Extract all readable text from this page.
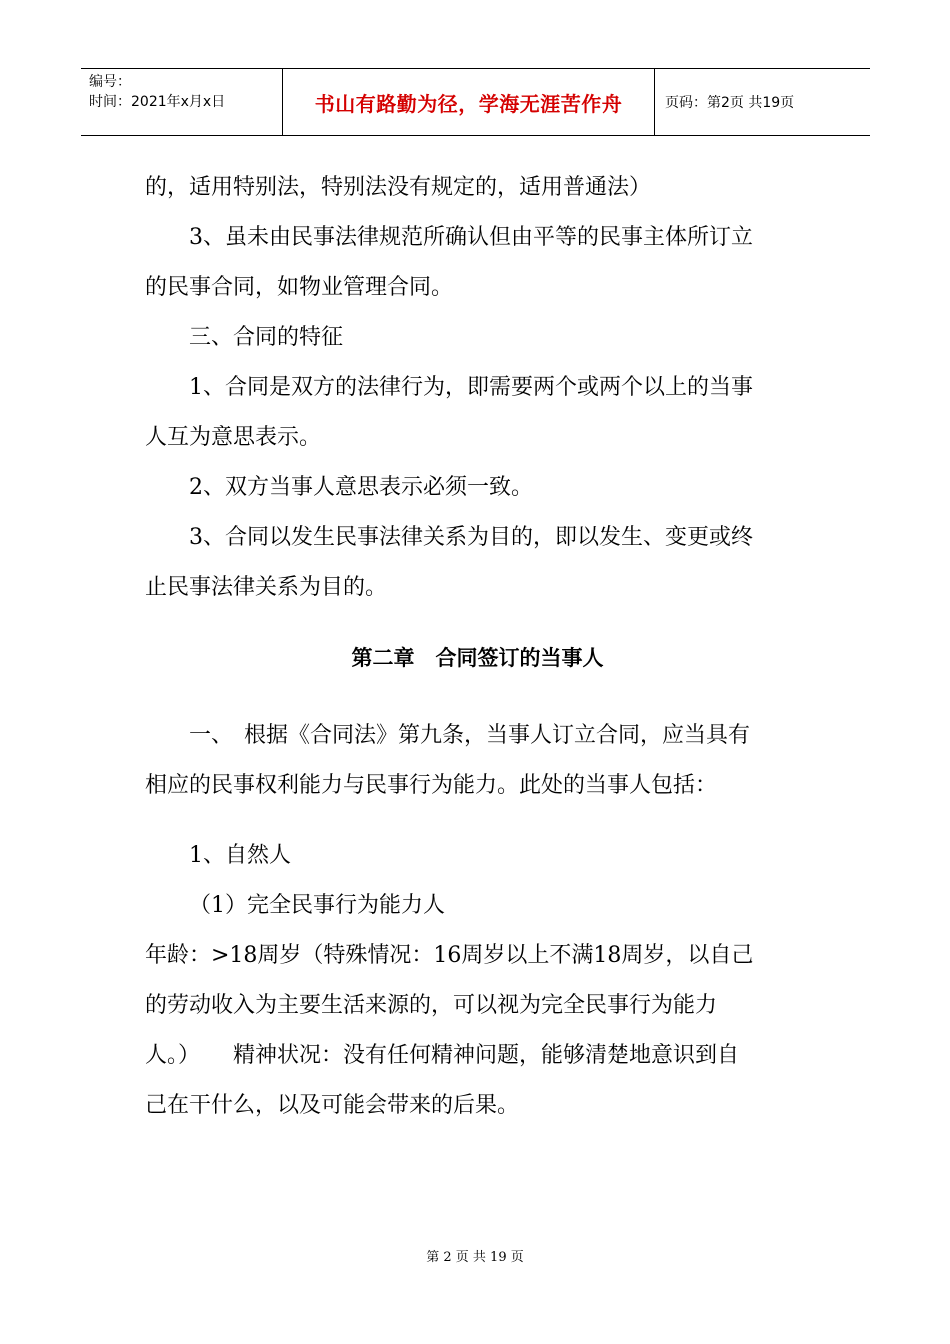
编号：
时间：2021年x月x日	书山有路勤为径，学海无涯苦作舟	页码：第2页 共19页
的，适用特别法，特别法没有规定的，适用普通法）
3、虽未由民事法律规范所确认但由平等的民事主体所订立
的民事合同，如物业管理合同。
三、合同的特征
1、合同是双方的法律行为，即需要两个或两个以上的当事
人互为意思表示。
2、双方当事人意思表示必须一致。
3、合同以发生民事法律关系为目的，即以发生、变更或终
止民事法律关系为目的。
第二章　合同签订的当事人
一、　根据《合同法》第九条，当事人订立合同，应当具有
相应的民事权利能力与民事行为能力。此处的当事人包括：
1、自然人
（1）完全民事行为能力人
年龄：>18周岁（特殊情况：16周岁以上不满18周岁，以自己
的劳动收入为主要生活来源的，可以视为完全民事行为能力
人。）　　精神状况：没有任何精神问题，能够清楚地意识到自
己在干什么，以及可能会带来的后果。
第 2 页 共 19 页
